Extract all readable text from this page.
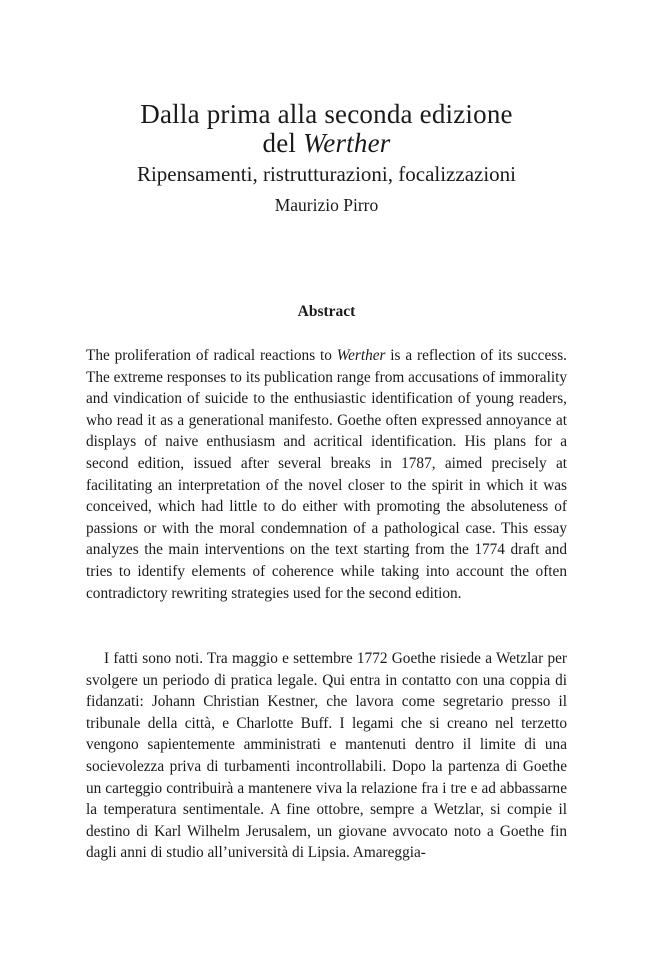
Dalla prima alla seconda edizione
del Werther
Ripensamenti, ristrutturazioni, focalizzazioni
Maurizio Pirro
Abstract

The proliferation of radical reactions to Werther is a reflection of its success. The extreme responses to its publication range from accusations of immorality and vindication of suicide to the enthusiastic identification of young readers, who read it as a generational manifesto. Goethe often expressed annoyance at displays of naive enthusiasm and acritical identification. His plans for a second edition, issued after several breaks in 1787, aimed precisely at facilitating an interpretation of the novel closer to the spirit in which it was conceived, which had little to do either with promoting the absoluteness of passions or with the moral condemnation of a pathological case. This essay analyzes the main interventions on the text starting from the 1774 draft and tries to identify elements of coherence while taking into account the often contradictory rewriting strategies used for the second edition.

I fatti sono noti. Tra maggio e settembre 1772 Goethe risiede a Wetzlar per svolgere un periodo di pratica legale. Qui entra in contatto con una coppia di fidanzati: Johann Christian Kestner, che lavora come segretario presso il tribunale della città, e Charlotte Buff. I legami che si creano nel terzetto vengono sapientemente amministrati e mantenuti dentro il limite di una socievolezza priva di turbamenti incontrollabili. Dopo la partenza di Goethe un carteggio contribuirà a mantenere viva la relazione fra i tre e ad abbassarne la temperatura sentimentale. A fine ottobre, sempre a Wetzlar, si compie il destino di Karl Wilhelm Jerusalem, un giovane avvocato noto a Goethe fin dagli anni di studio all’università di Lipsia. Amareggia-
